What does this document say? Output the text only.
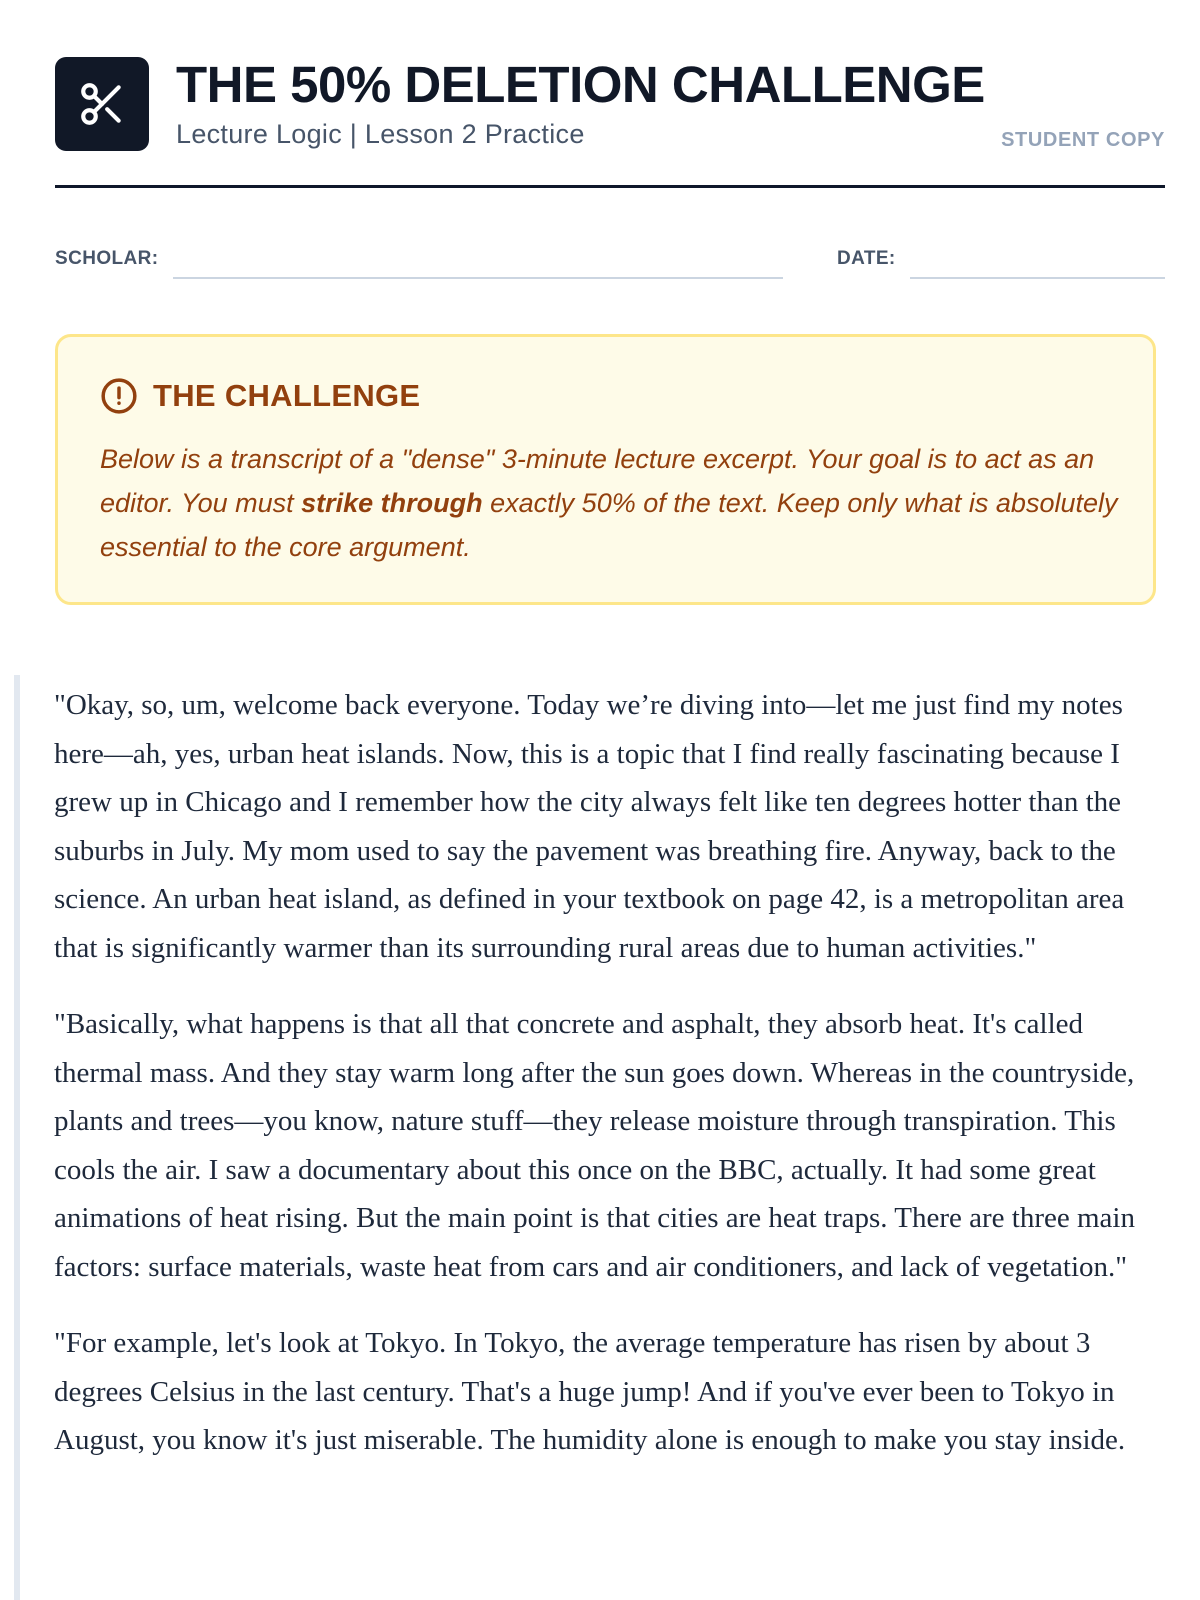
THE 50% DELETION CHALLENGE
Lecture Logic | Lesson 2 Practice	STUDENT COPY
SCHOLAR:	DATE:
THE CHALLENGE
Below is a transcript of a "dense" 3-minute lecture excerpt. Your goal is to act as an editor. You must strike through exactly 50% of the text. Keep only what is absolutely essential to the core argument.

"Okay, so, um, welcome back everyone. Today we’re diving into—let me just find my notes here—ah, yes, urban heat islands. Now, this is a topic that I find really fascinating because I grew up in Chicago and I remember how the city always felt like ten degrees hotter than the suburbs in July. My mom used to say the pavement was breathing fire. Anyway, back to the science. An urban heat island, as defined in your textbook on page 42, is a metropolitan area that is significantly warmer than its surrounding rural areas due to human activities."

"Basically, what happens is that all that concrete and asphalt, they absorb heat. It's called thermal mass. And they stay warm long after the sun goes down. Whereas in the countryside, plants and trees—you know, nature stuff—they release moisture through transpiration. This cools the air. I saw a documentary about this once on the BBC, actually. It had some great animations of heat rising. But the main point is that cities are heat traps. There are three main factors: surface materials, waste heat from cars and air conditioners, and lack of vegetation."

"For example, let's look at Tokyo. In Tokyo, the average temperature has risen by about 3 degrees Celsius in the last century. That's a huge jump! And if you've ever been to Tokyo in August, you know it's just miserable. The humidity alone is enough to make you stay inside.
